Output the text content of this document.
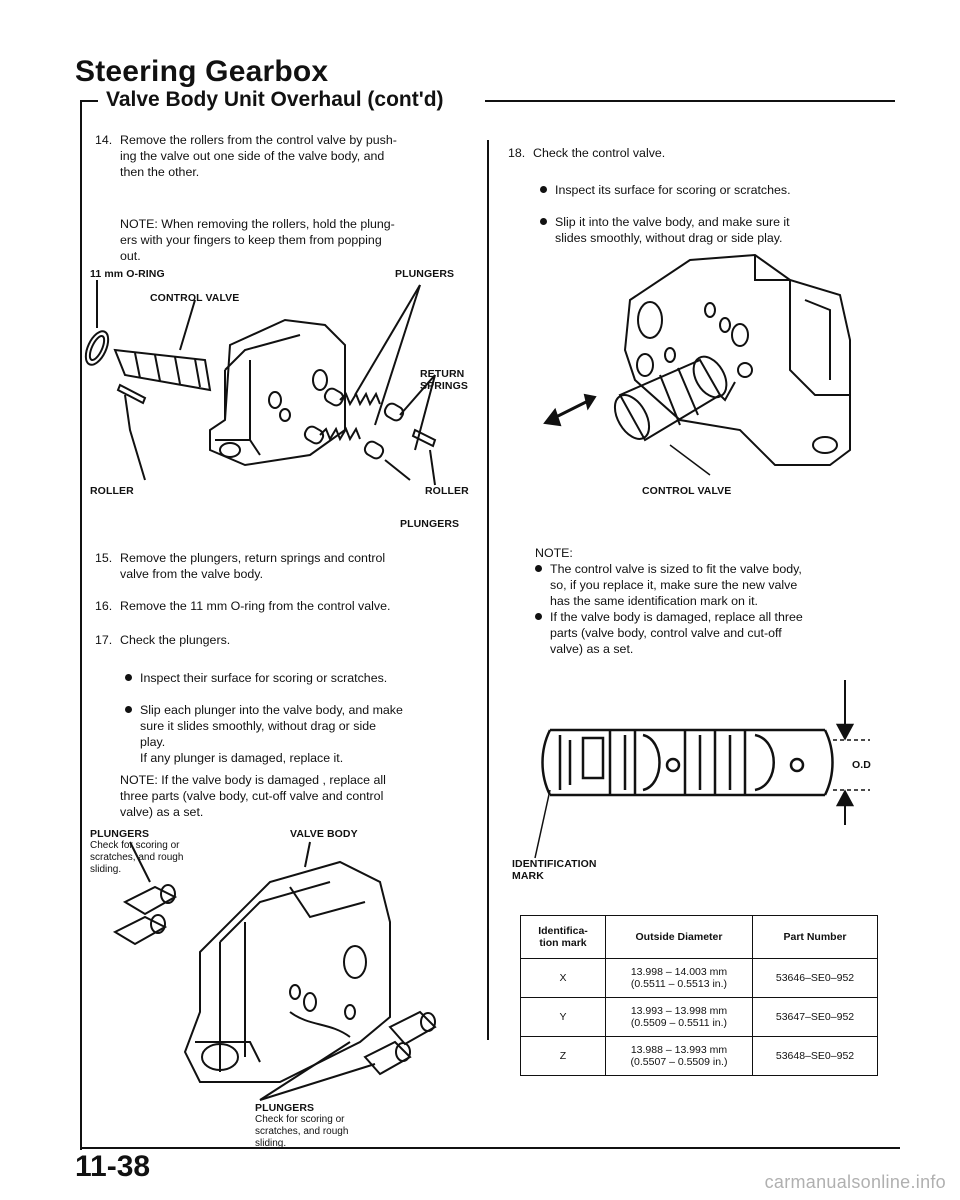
Steering Gearbox
Valve Body Unit Overhaul (cont'd)
14. Remove the rollers from the control valve by push-
ing the valve out one side of the valve body, and
then the other.
NOTE: When removing the rollers, hold the plung-
ers with your fingers to keep them from popping
out.
11 mm O-RING	PLUNGERS
CONTROL VALVE
RETURN
SPRINGS
ROLLER	ROLLER
PLUNGERS
15. Remove the plungers, return springs and control
valve from the valve body.
16. Remove the 11 mm O-ring from the control valve.
17. Check the plungers.
Inspect their surface for scoring or scratches.
Slip each plunger into the valve body, and make
sure it slides smoothly, without drag or side
play.
If any plunger is damaged, replace it.
NOTE: If the valve body is damaged , replace all
three parts (valve body, cut-off valve and control
valve) as a set.
PLUNGERS
Check for scoring or
scratches, and rough
sliding.
VALVE BODY
PLUNGERS
Check for scoring or
scratches, and rough
sliding.
18. Check the control valve.
Inspect its surface for scoring or scratches.
Slip it into the valve body, and make sure it
slides smoothly, without drag or side play.
CONTROL VALVE
NOTE:
The control valve is sized to fit the valve body,
so, if you replace it, make sure the new valve
has the same identification mark on it.
If the valve body is damaged, replace all three
parts (valve body, control valve and cut-off
valve) as a set.
O.D
IDENTIFICATION
MARK
Identifica-
tion mark	Outside Diameter	Part Number
X	13.998 – 14.003 mm
(0.5511 – 0.5513 in.)	53646–SE0–952
Y	13.993 – 13.998 mm
(0.5509 – 0.5511 in.)	53647–SE0–952
Z	13.988 – 13.993 mm
(0.5507 – 0.5509 in.)	53648–SE0–952
11-38	carmanualsonline.info
